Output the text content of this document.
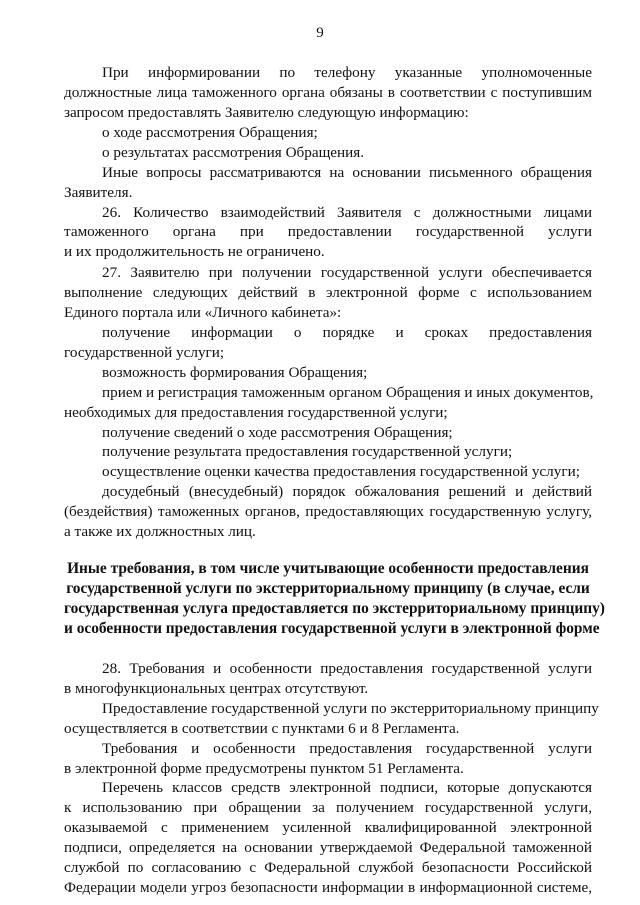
9
При информировании по телефону указанные уполномоченные
должностные лица таможенного органа обязаны в соответствии с поступившим
запросом предоставлять Заявителю следующую информацию:
о ходе рассмотрения Обращения;
о результатах рассмотрения Обращения.
Иные вопросы рассматриваются на основании письменного обращения
Заявителя.
26. Количество взаимодействий Заявителя с должностными лицами
таможенного органа при предоставлении государственной услуги
и их продолжительность не ограничено.
27. Заявителю при получении государственной услуги обеспечивается
выполнение следующих действий в электронной форме с использованием
Единого портала или «Личного кабинета»:
получение информации о порядке и сроках предоставления
государственной услуги;
возможность формирования Обращения;
прием и регистрация таможенным органом Обращения и иных документов,
необходимых для предоставления государственной услуги;
получение сведений о ходе рассмотрения Обращения;
получение результата предоставления государственной услуги;
осуществление оценки качества предоставления государственной услуги;
досудебный (внесудебный) порядок обжалования решений и действий
(бездействия) таможенных органов, предоставляющих государственную услугу,
а также их должностных лиц.
Иные требования, в том числе учитывающие особенности предоставления
государственной услуги по экстерриториальному принципу (в случае, если
государственная услуга предоставляется по экстерриториальному принципу)
и особенности предоставления государственной услуги в электронной форме
28. Требования и особенности предоставления государственной услуги
в многофункциональных центрах отсутствуют.
Предоставление государственной услуги по экстерриториальному принципу
осуществляется в соответствии с пунктами 6 и 8 Регламента.
Требования и особенности предоставления государственной услуги
в электронной форме предусмотрены пунктом 51 Регламента.
Перечень классов средств электронной подписи, которые допускаются
к использованию при обращении за получением государственной услуги,
оказываемой с применением усиленной квалифицированной электронной
подписи, определяется на основании утверждаемой Федеральной таможенной
службой по согласованию с Федеральной службой безопасности Российской
Федерации модели угроз безопасности информации в информационной системе,
